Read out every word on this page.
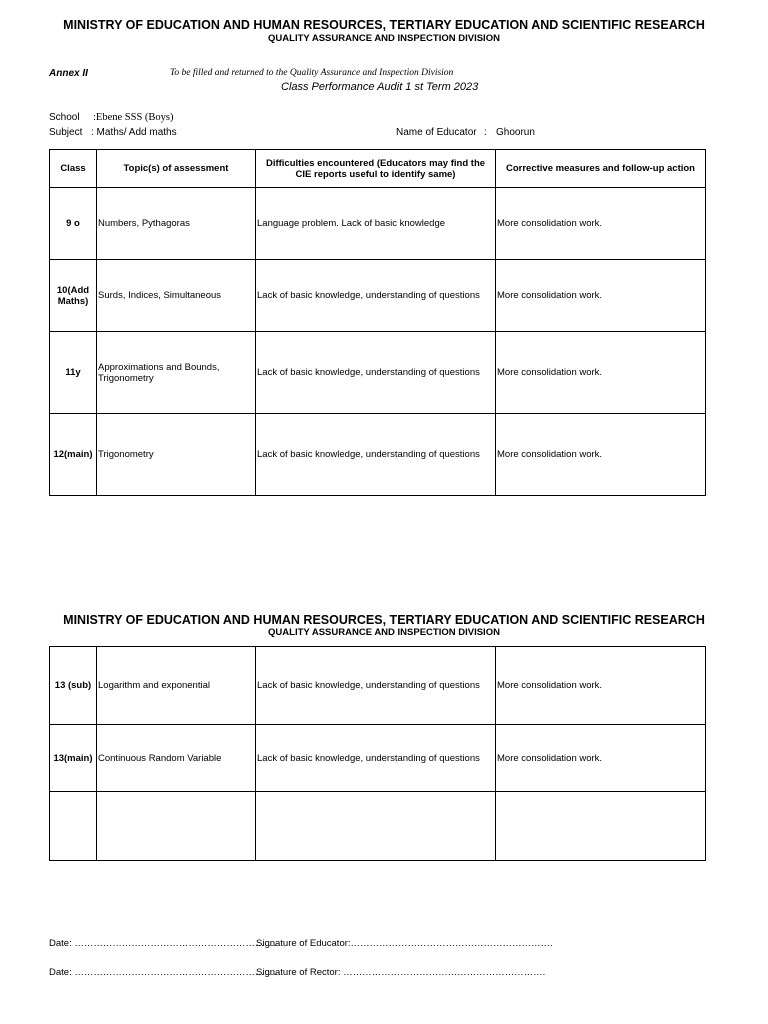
MINISTRY OF EDUCATION AND HUMAN RESOURCES, TERTIARY EDUCATION AND SCIENTIFIC RESEARCH
QUALITY ASSURANCE AND INSPECTION DIVISION
Annex II	To be filled and returned to the Quality Assurance and Inspection Division
Class Performance Audit 1 st Term 2023
School :Ebene SSS (Boys)
Subject : Maths/ Add maths	Name of Educator : Ghoorun
Class	Topic(s) of assessment	Difficulties encountered (Educators may find the CIE reports useful to identify same)	Corrective measures and follow-up action
9 o	Numbers, Pythagoras	Language problem. Lack of basic knowledge	More consolidation work.
10(Add Maths)	Surds, Indices, Simultaneous	Lack of basic knowledge, understanding of questions	More consolidation work.
11y	Approximations and Bounds, Trigonometry	Lack of basic knowledge, understanding of questions	More consolidation work.
12(main)	Trigonometry	Lack of basic knowledge, understanding of questions	More consolidation work.
MINISTRY OF EDUCATION AND HUMAN RESOURCES, TERTIARY EDUCATION AND SCIENTIFIC RESEARCH
QUALITY ASSURANCE AND INSPECTION DIVISION
13 (sub)	Logarithm and exponential	Lack of basic knowledge, understanding of questions	More consolidation work.
13(main)	Continuous Random Variable	Lack of basic knowledge, understanding of questions	More consolidation work.

Date: ……………………………………………………….
Signature of Educator:……………………………………………………….
Date: ……………………………………………………….
Signature of Rector: ……………………………………………………….
